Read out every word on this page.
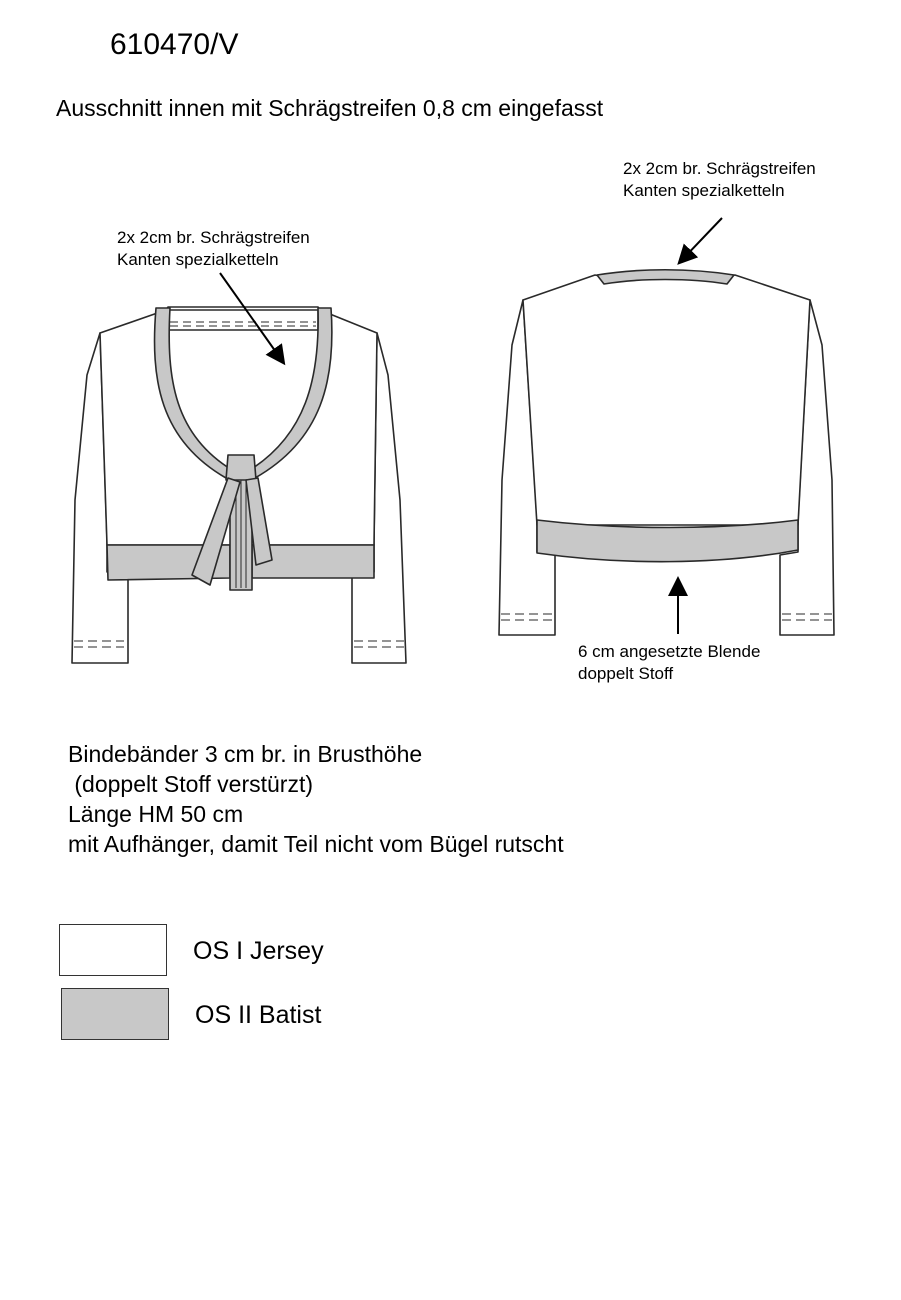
610470/V
Ausschnitt innen mit Schrägstreifen 0,8 cm eingefasst
2x 2cm br. Schrägstreifen
Kanten spezialketteln
2x 2cm br. Schrägstreifen
Kanten spezialketteln
6 cm angesetzte Blende
doppelt Stoff
Bindebänder 3 cm br. in Brusthöhe
(doppelt Stoff verstürzt)
Länge HM 50 cm
mit Aufhänger, damit Teil nicht vom Bügel rutscht
OS I Jersey
OS II Batist
